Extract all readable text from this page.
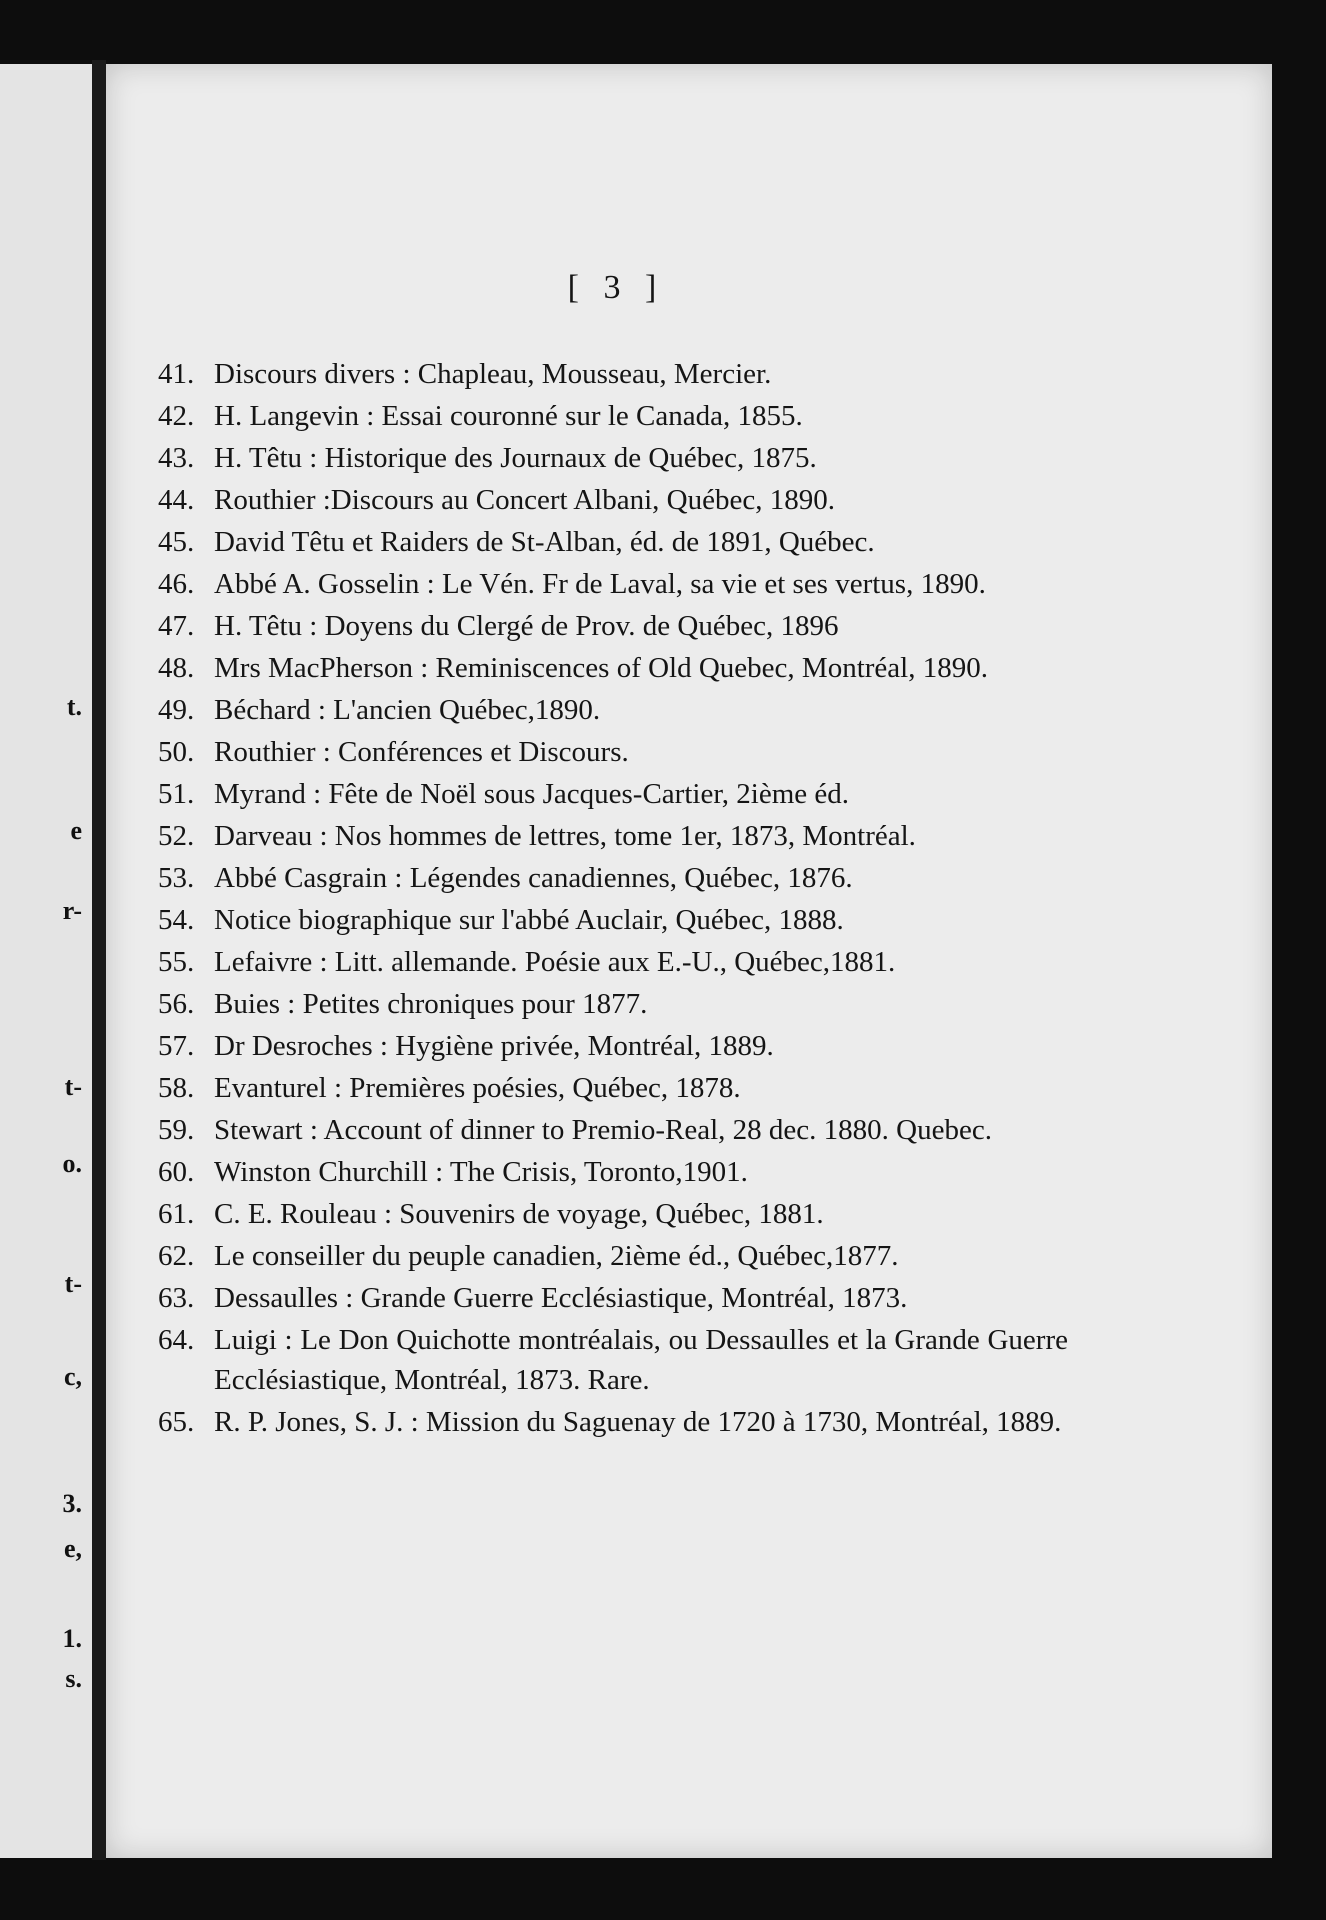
t.
e
r-
t-
o.
t-
c,
3.
e,
1.
s.
[ 3 ]
41. Discours divers : Chapleau, Mousseau, Mercier.
42. H. Langevin : Essai couronné sur le Canada, 1855.
43. H. Têtu : Historique des Journaux de Québec, 1875.
44. Routhier :Discours au Concert Albani, Québec, 1890.
45. David Têtu et Raiders de St-Alban, éd. de 1891, Québec.
46. Abbé A. Gosselin : Le Vén. Fr de Laval, sa vie et ses vertus, 1890.
47. H. Têtu : Doyens du Clergé de Prov. de Québec, 1896
48. Mrs MacPherson : Reminiscences of Old Quebec, Montréal, 1890.
49. Béchard : L'ancien Québec,1890.
50. Routhier : Conférences et Discours.
51. Myrand : Fête de Noël sous Jacques-Cartier, 2ième éd.
52. Darveau : Nos hommes de lettres, tome 1er, 1873, Montréal.
53. Abbé Casgrain : Légendes canadiennes, Québec, 1876.
54. Notice biographique sur l'abbé Auclair, Québec, 1888.
55. Lefaivre : Litt. allemande. Poésie aux E.-U., Québec,1881.
56. Buies : Petites chroniques pour 1877.
57. Dr Desroches : Hygiène privée, Montréal, 1889.
58. Evanturel : Premières poésies, Québec, 1878.
59. Stewart : Account of dinner to Premio-Real, 28 dec. 1880. Quebec.
60. Winston Churchill : The Crisis, Toronto,1901.
61. C. E. Rouleau : Souvenirs de voyage, Québec, 1881.
62. Le conseiller du peuple canadien, 2ième éd., Québec,1877.
63. Dessaulles : Grande Guerre Ecclésiastique, Montréal, 1873.
64. Luigi : Le Don Quichotte montréalais, ou Dessaulles et la Grande Guerre Ecclésiastique, Montréal, 1873. Rare.
65. R. P. Jones, S. J. : Mission du Saguenay de 1720 à 1730, Montréal, 1889.
